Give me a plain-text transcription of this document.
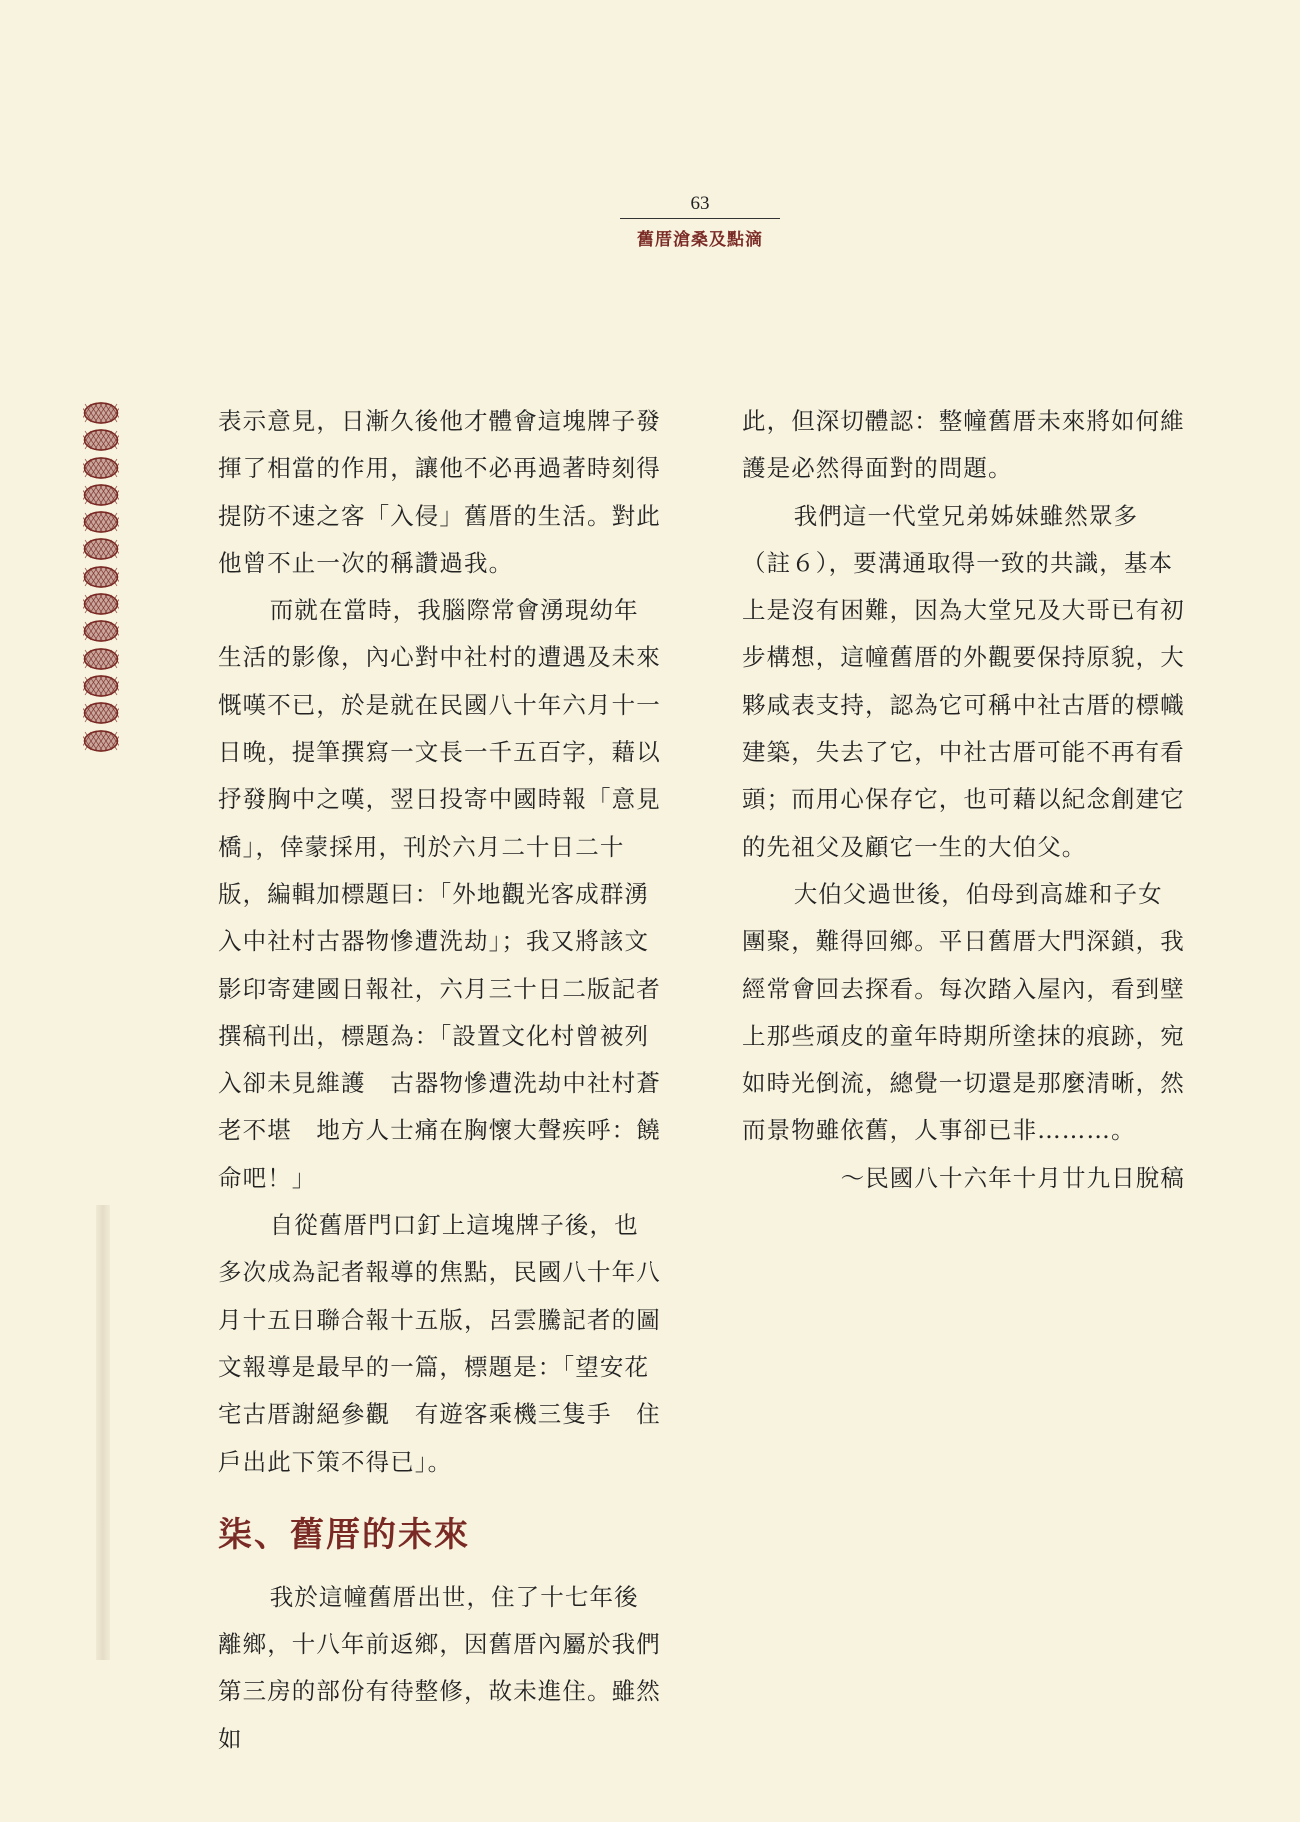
63
舊厝滄桑及點滴

表示意見，日漸久後他才體會這塊牌子發揮了相當的作用，讓他不必再過著時刻得提防不速之客「入侵」舊厝的生活。對此他曾不止一次的稱讚過我。

而就在當時，我腦際常會湧現幼年生活的影像，內心對中社村的遭遇及未來慨嘆不已，於是就在民國八十年六月十一日晚，提筆撰寫一文長一千五百字，藉以抒發胸中之嘆，翌日投寄中國時報「意見橋」，倖蒙採用，刊於六月二十日二十版，編輯加標題曰：「外地觀光客成群湧入中社村古器物慘遭洗劫」；我又將該文影印寄建國日報社，六月三十日二版記者撰稿刊出，標題為：「設置文化村曾被列入卻未見維護　古器物慘遭洗劫中社村蒼老不堪　地方人士痛在胸懷大聲疾呼：饒命吧！」

自從舊厝門口釘上這塊牌子後，也多次成為記者報導的焦點，民國八十年八月十五日聯合報十五版，呂雲騰記者的圖文報導是最早的一篇，標題是：「望安花宅古厝謝絕參觀　有遊客乘機三隻手　住戶出此下策不得已」。

柒、舊厝的未來

我於這幢舊厝出世，住了十七年後離鄉，十八年前返鄉，因舊厝內屬於我們第三房的部份有待整修，故未進住。雖然如

此，但深切體認：整幢舊厝未來將如何維護是必然得面對的問題。

我們這一代堂兄弟姊妹雖然眾多（註６），要溝通取得一致的共識，基本上是沒有困難，因為大堂兄及大哥已有初步構想，這幢舊厝的外觀要保持原貌，大夥咸表支持，認為它可稱中社古厝的標幟建築，失去了它，中社古厝可能不再有看頭；而用心保存它，也可藉以紀念創建它的先祖父及顧它一生的大伯父。

大伯父過世後，伯母到高雄和子女團聚，難得回鄉。平日舊厝大門深鎖，我經常會回去探看。每次踏入屋內，看到壁上那些頑皮的童年時期所塗抹的痕跡，宛如時光倒流，總覺一切還是那麼清晰，然而景物雖依舊，人事卻已非………。

～民國八十六年十月廿九日脫稿
